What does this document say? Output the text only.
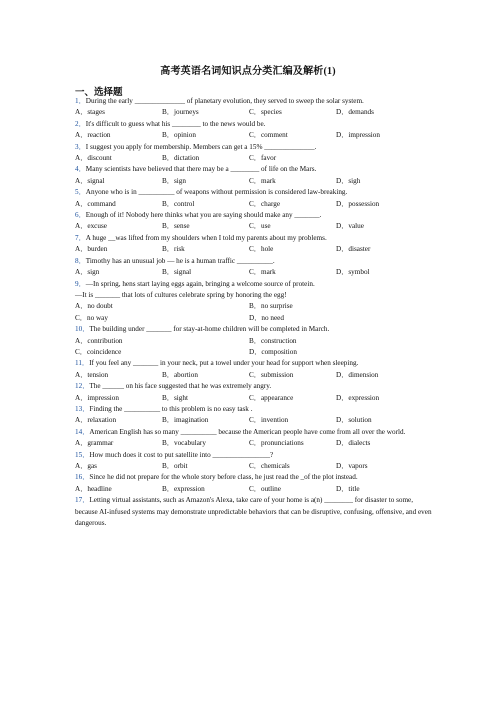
高考英语名词知识点分类汇编及解析(1)
一、选择题
1．During the early ______________ of planetary evolution, they served to sweep the solar system.
A．stages	B．journeys	C．species	D．demands
2．It's difficult to guess what his ________ to the news would be.
A．reaction	B．opinion	C．comment	D．impression
3．I suggest you apply for membership. Members can get a 15% ______________.
A．discount	B．dictation	C．favor
4．Many scientists have believed that there may be a ________ of life on the Mars.
A．signal	B．sign	C．mark	D．sigh
5．Anyone who is in __________ of weapons without permission is considered law-breaking.
A．command	B．control	C．charge	D．possession
6．Enough of it! Nobody here thinks what you are saying should make any _______.
A．excuse	B．sense	C．use	D．value
7．A huge __was lifted from my shoulders when I told my parents about my problems.
A．burden	B．risk	C．hole	D．disaster
8．Timothy has an unusual job — he is a human traffic __________.
A．sign	B．signal	C．mark	D．symbol
9．—In spring, hens start laying eggs again, bringing a welcome source of protein.
—It is _______ that lots of cultures celebrate spring by honoring the egg!
A．no doubt	B．no surprise
C．no way	D．no need
10．The building under _______ for stay-at-home children will be completed in March.
A．contribution	B．construction
C．coincidence	D．composition
11．If you feel any _______ in your neck, put a towel under your head for support when sleeping.
A．tension	B．abortion	C．submission	D．dimension
12．The ______ on his face suggested that he was extremely angry.
A．impression	B．sight	C．appearance	D．expression
13．Finding the __________ to this problem is no easy task .
A．relaxation	B．imagination	C．invention	D．solution
14．American English has so many __________ because the American people have come from all over the world.
A．grammar	B．vocabulary	C．pronunciations	D．dialects
15．How much does it cost to put satellite into ________________?
A．gas	B．orbit	C．chemicals	D．vapors
16．Since he did not prepare for the whole story before class, he just read the _of the plot instead.
A．headline	B．expression	C．outline	D．title
17．Letting virtual assistants, such as Amazon's Alexa, take care of your home is a(n) ________ for disaster to some, because AI-infused systems may demonstrate unpredictable behaviors that can be disruptive, confusing, offensive, and even dangerous.
